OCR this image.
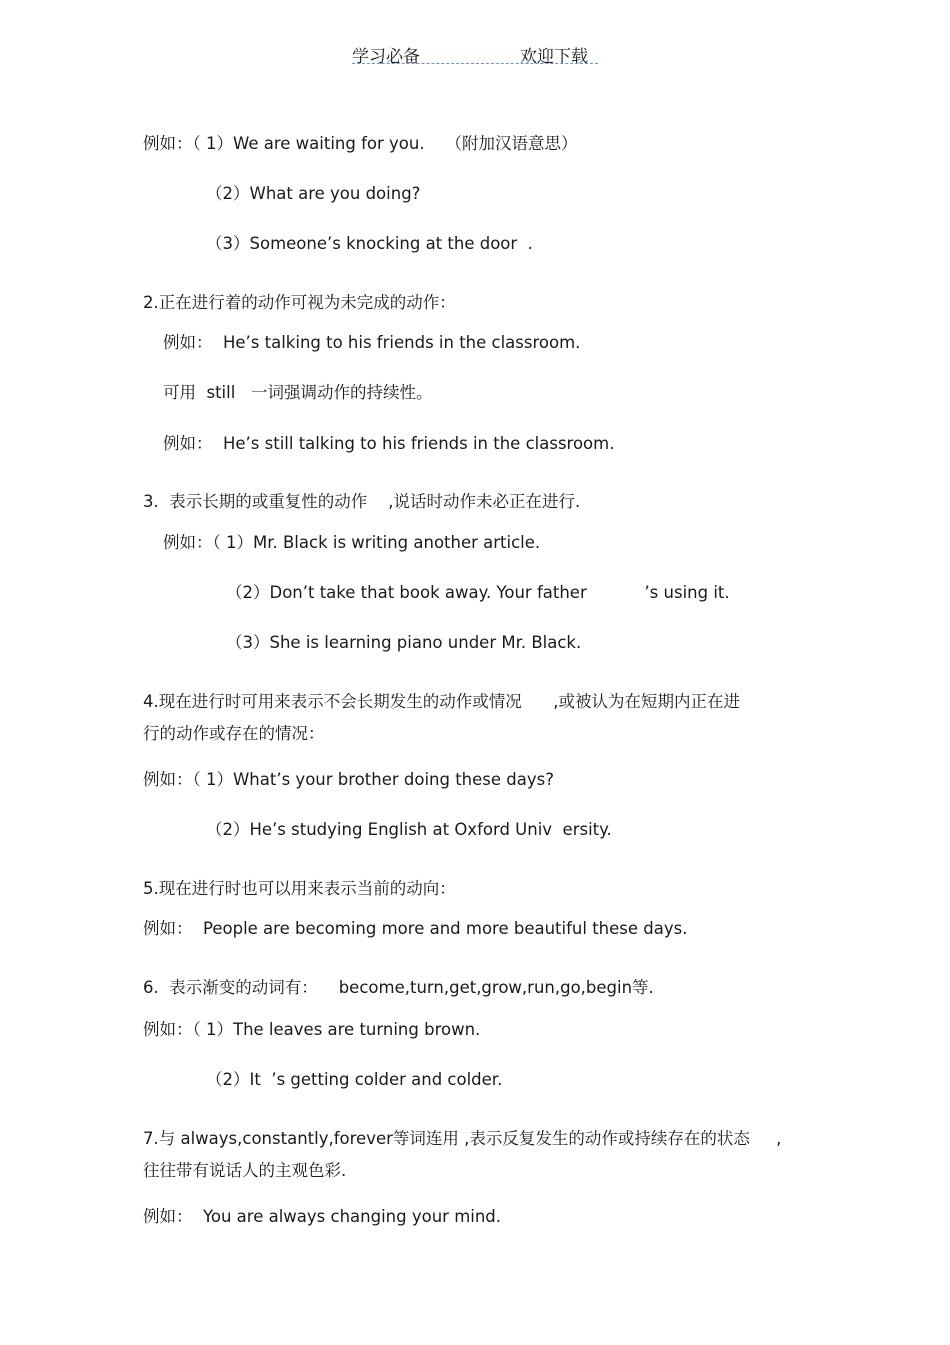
学习必备	欢迎下载
例如：（ 1）We are waiting for you.    （附加汉语意思）
（2）What are you doing?
（3）Someone’s knocking at the door  .
2.正在进行着的动作可视为未完成的动作：
例如：  He’s talking to his friends in the classroom.
可用  still   一词强调动作的持续性。
例如：  He’s still talking to his friends in the classroom.
3.  表示长期的或重复性的动作    ,说话时动作未必正在进行.
例如：（ 1）Mr. Black is writing another article.
（2）Don’t take that book away. Your father           ’s using it.
（3）She is learning piano under Mr. Black.
4.现在进行时可用来表示不会长期发生的动作或情况      ,或被认为在短期内正在进
行的动作或存在的情况：
例如：（ 1）What’s your brother doing these days?
（2）He’s studying English at Oxford Univ  ersity.
5.现在进行时也可以用来表示当前的动向：
例如：  People are becoming more and more beautiful these days.
6.  表示渐变的动词有：    become,turn,get,grow,run,go,begin等.
例如：（ 1）The leaves are turning brown.
（2）It  ’s getting colder and colder.
7.与 always,constantly,forever等词连用 ,表示反复发生的动作或持续存在的状态     ,
往往带有说话人的主观色彩.
例如：  You are always changing your mind.
